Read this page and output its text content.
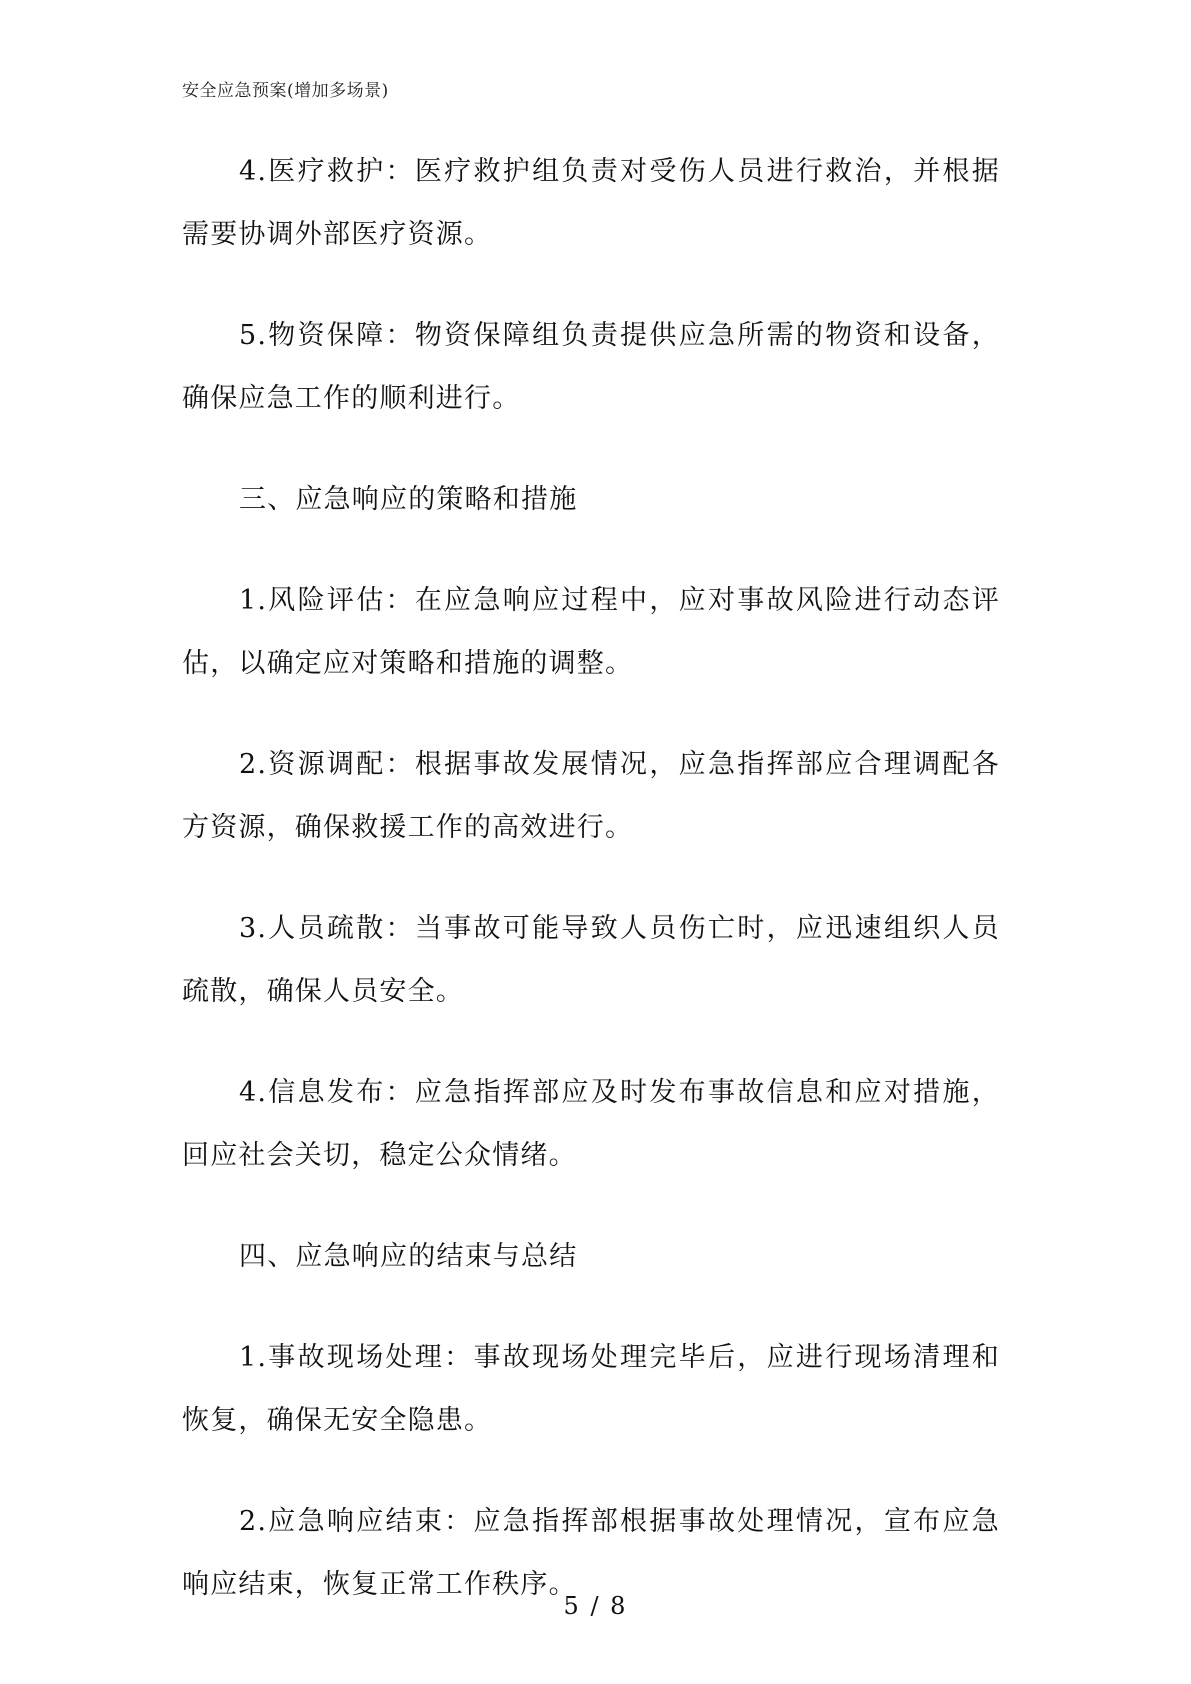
安全应急预案(增加多场景)

4.医疗救护：医疗救护组负责对受伤人员进行救治，并根据需要协调外部医疗资源。

5.物资保障：物资保障组负责提供应急所需的物资和设备，确保应急工作的顺利进行。

三、应急响应的策略和措施

1.风险评估：在应急响应过程中，应对事故风险进行动态评估，以确定应对策略和措施的调整。

2.资源调配：根据事故发展情况，应急指挥部应合理调配各方资源，确保救援工作的高效进行。

3.人员疏散：当事故可能导致人员伤亡时，应迅速组织人员疏散，确保人员安全。

4.信息发布：应急指挥部应及时发布事故信息和应对措施，回应社会关切，稳定公众情绪。

四、应急响应的结束与总结

1.事故现场处理：事故现场处理完毕后，应进行现场清理和恢复，确保无安全隐患。

2.应急响应结束：应急指挥部根据事故处理情况，宣布应急响应结束，恢复正常工作秩序。

5 / 8
